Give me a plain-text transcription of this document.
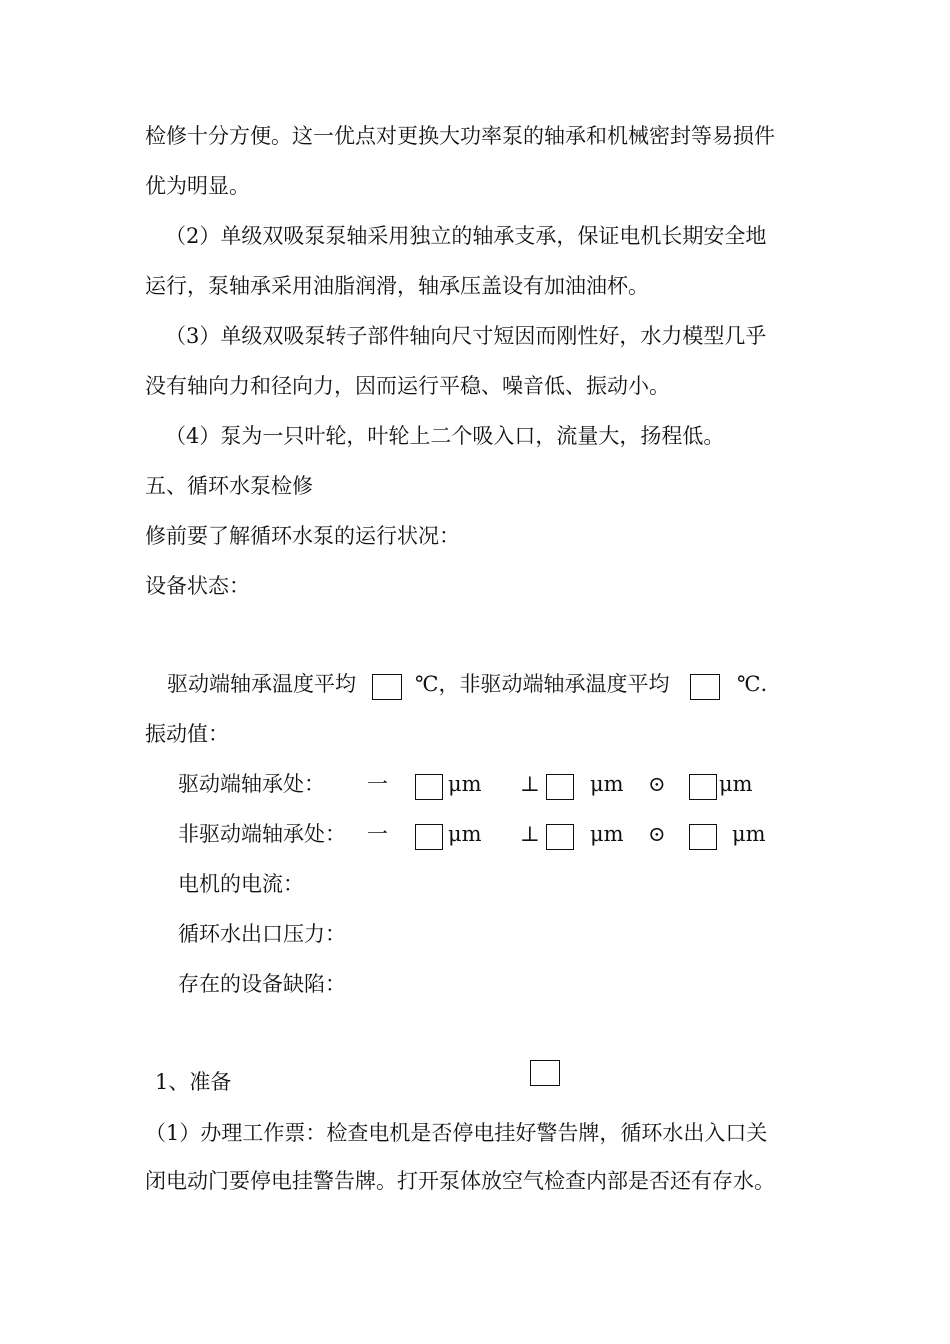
检修十分方便。这一优点对更换大功率泵的轴承和机械密封等易损件
优为明显。
（2）单级双吸泵泵轴采用独立的轴承支承，保证电机长期安全地
运行，泵轴承采用油脂润滑，轴承压盖设有加油油杯。
（3）单级双吸泵转子部件轴向尺寸短因而刚性好，水力模型几乎
没有轴向力和径向力，因而运行平稳、噪音低、振动小。
（4）泵为一只叶轮，叶轮上二个吸入口，流量大，扬程低。
五、循环水泵检修
修前要了解循环水泵的运行状况：
设备状态：
驱动端轴承温度平均	℃，非驱动端轴承温度平均	℃.
振动值：
驱动端轴承处： 一	μm ⊥ μm ⊙	μm
非驱动端轴承处： 一	μm ⊥ μm ⊙	μm
电机的电流：
循环水出口压力：
存在的设备缺陷：
1、准备
（1）办理工作票：检查电机是否停电挂好警告牌，循环水出入口关
闭电动门要停电挂警告牌。打开泵体放空气检查内部是否还有存水。
